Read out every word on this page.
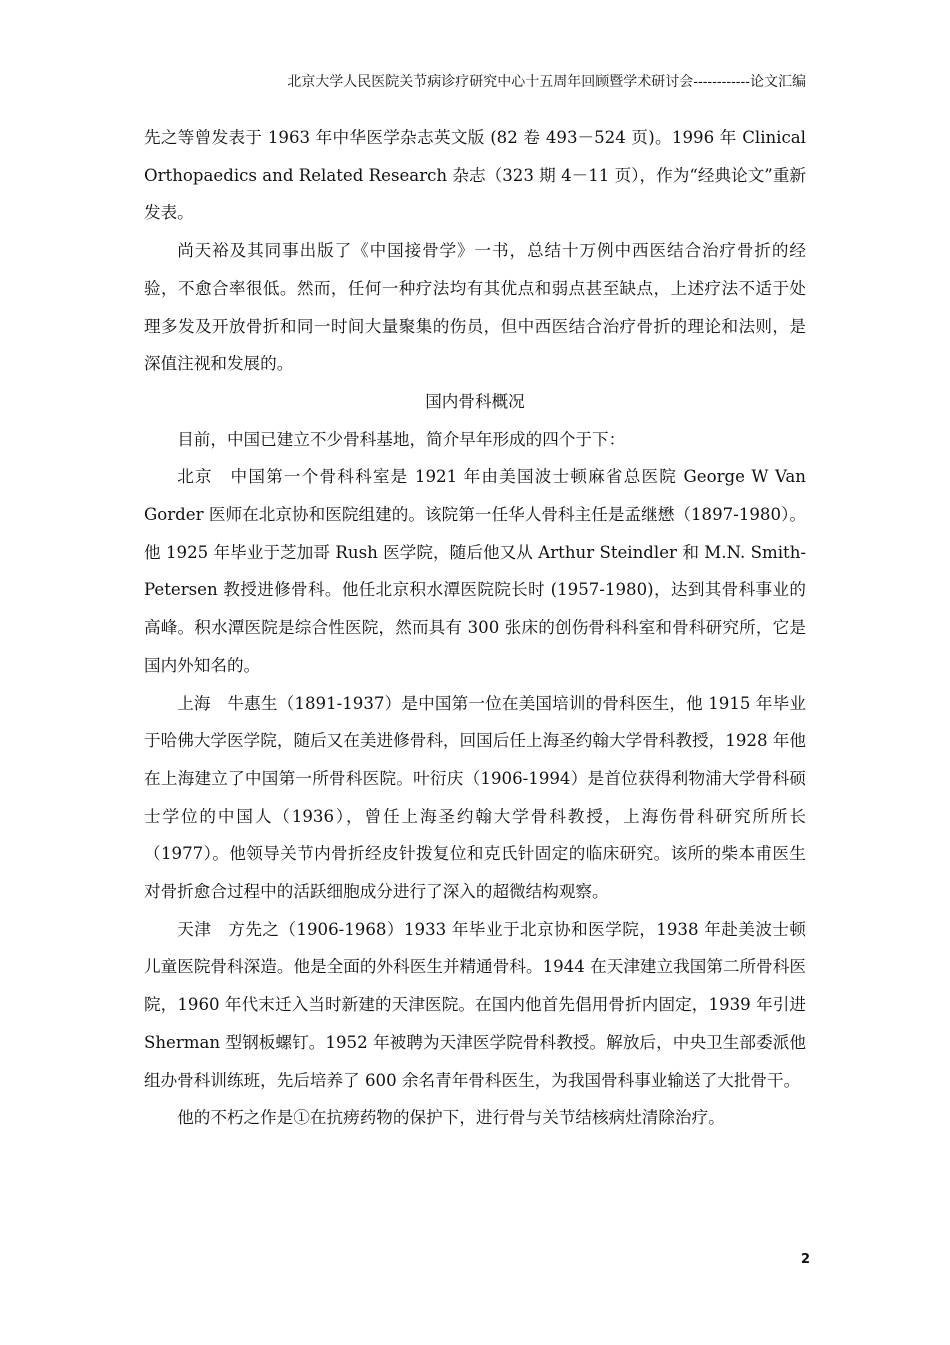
北京大学人民医院关节病诊疗研究中心十五周年回顾暨学术研讨会------------论文汇编

先之等曾发表于 1963 年中华医学杂志英文版 (82 卷 493－524 页)。1996 年 Clinical Orthopaedics and Related Research 杂志（323 期 4－11 页），作为“经典论文”重新发表。

尚天裕及其同事出版了《中国接骨学》一书，总结十万例中西医结合治疗骨折的经验，不愈合率很低。然而，任何一种疗法均有其优点和弱点甚至缺点，上述疗法不适于处理多发及开放骨折和同一时间大量聚集的伤员，但中西医结合治疗骨折的理论和法则，是深值注视和发展的。

国内骨科概况

目前，中国已建立不少骨科基地，简介早年形成的四个于下：

北京　中国第一个骨科科室是 1921 年由美国波士顿麻省总医院 George W Van Gorder 医师在北京协和医院组建的。该院第一任华人骨科主任是孟继懋（1897-1980）。他 1925 年毕业于芝加哥 Rush 医学院，随后他又从 Arthur Steindler 和 M.N. Smith-Petersen 教授进修骨科。他任北京积水潭医院院长时 (1957-1980)，达到其骨科事业的高峰。积水潭医院是综合性医院，然而具有 300 张床的创伤骨科科室和骨科研究所，它是国内外知名的。

上海　牛惠生（1891-1937）是中国第一位在美国培训的骨科医生，他 1915 年毕业于哈佛大学医学院，随后又在美进修骨科，回国后任上海圣约翰大学骨科教授，1928 年他在上海建立了中国第一所骨科医院。叶衍庆（1906-1994）是首位获得利物浦大学骨科硕士学位的中国人（1936），曾任上海圣约翰大学骨科教授，上海伤骨科研究所所长（1977）。他领导关节内骨折经皮针拨复位和克氏针固定的临床研究。该所的柴本甫医生对骨折愈合过程中的活跃细胞成分进行了深入的超微结构观察。

天津　方先之（1906-1968）1933 年毕业于北京协和医学院，1938 年赴美波士顿儿童医院骨科深造。他是全面的外科医生并精通骨科。1944 在天津建立我国第二所骨科医院，1960 年代末迁入当时新建的天津医院。在国内他首先倡用骨折内固定，1939 年引进 Sherman 型钢板螺钉。1952 年被聘为天津医学院骨科教授。解放后，中央卫生部委派他组办骨科训练班，先后培养了 600 余名青年骨科医生，为我国骨科事业输送了大批骨干。

他的不朽之作是①在抗痨药物的保护下，进行骨与关节结核病灶清除治疗。

2
